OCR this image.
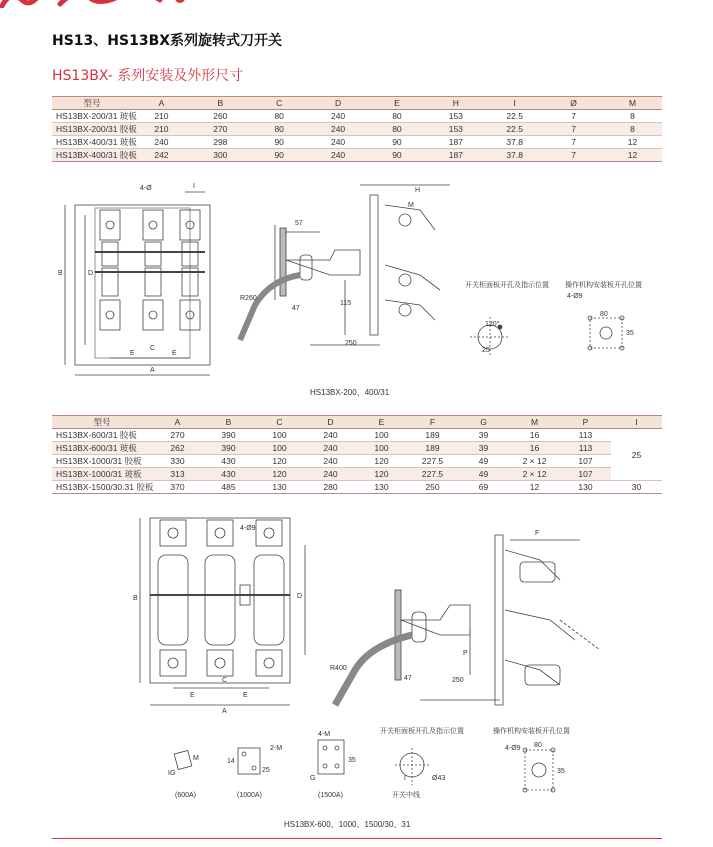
HS13、HS13BX系列旋转式刀开关
HS13BX- 系列安装及外形尺寸
型号	A	B	C	D	E	H	I	Ø	M
HS13BX-200/31 玻板	210	260	80	240	80	153	22.5	7	8
HS13BX-200/31 胶板	210	270	80	240	80	153	22.5	7	8
HS13BX-400/31 玻板	240	298	90	240	90	187	37.8	7	12
HS13BX-400/31 胶板	242	300	90	240	90	187	37.8	7	12
4-Ø	I
B	D
E
C
E
A
H
M
57
47
115
250
R260
开关柜面板开孔及指示位置 操作机构安装板开孔位置
120°
25
4-Ø9
80
35
HS13BX-200、400/31
型号	A	B	C	D	E	F	G	M	P	I
HS13BX-600/31 胶板	270	390	100	240	100	189	39	16	113	25
HS13BX-600/31 玻板	262	390	100	240	100	189	39	16	113	
HS13BX-1000/31 胶板	330	430	120	240	120	227.5	49	2 × 12	107	
HS13BX-1000/31 玻板	313	430	120	240	120	227.5	49	2 × 12	107	
HS13BX-1500/30.31 胶板	370	485	130	280	130	250	69	12	130	30
4-Ø9
B	D
E
C
E
A
F
P
R400
47	250
M
IG
2-M
4-M
14
25
35
G	I
(600A)	(1000A)	(1500A)
开关柜面板开孔及指示位置	操作机构安装板开孔位置
Ø43
开关中线
4-Ø9 80
35
HS13BX-600、1000、1500/30、31
